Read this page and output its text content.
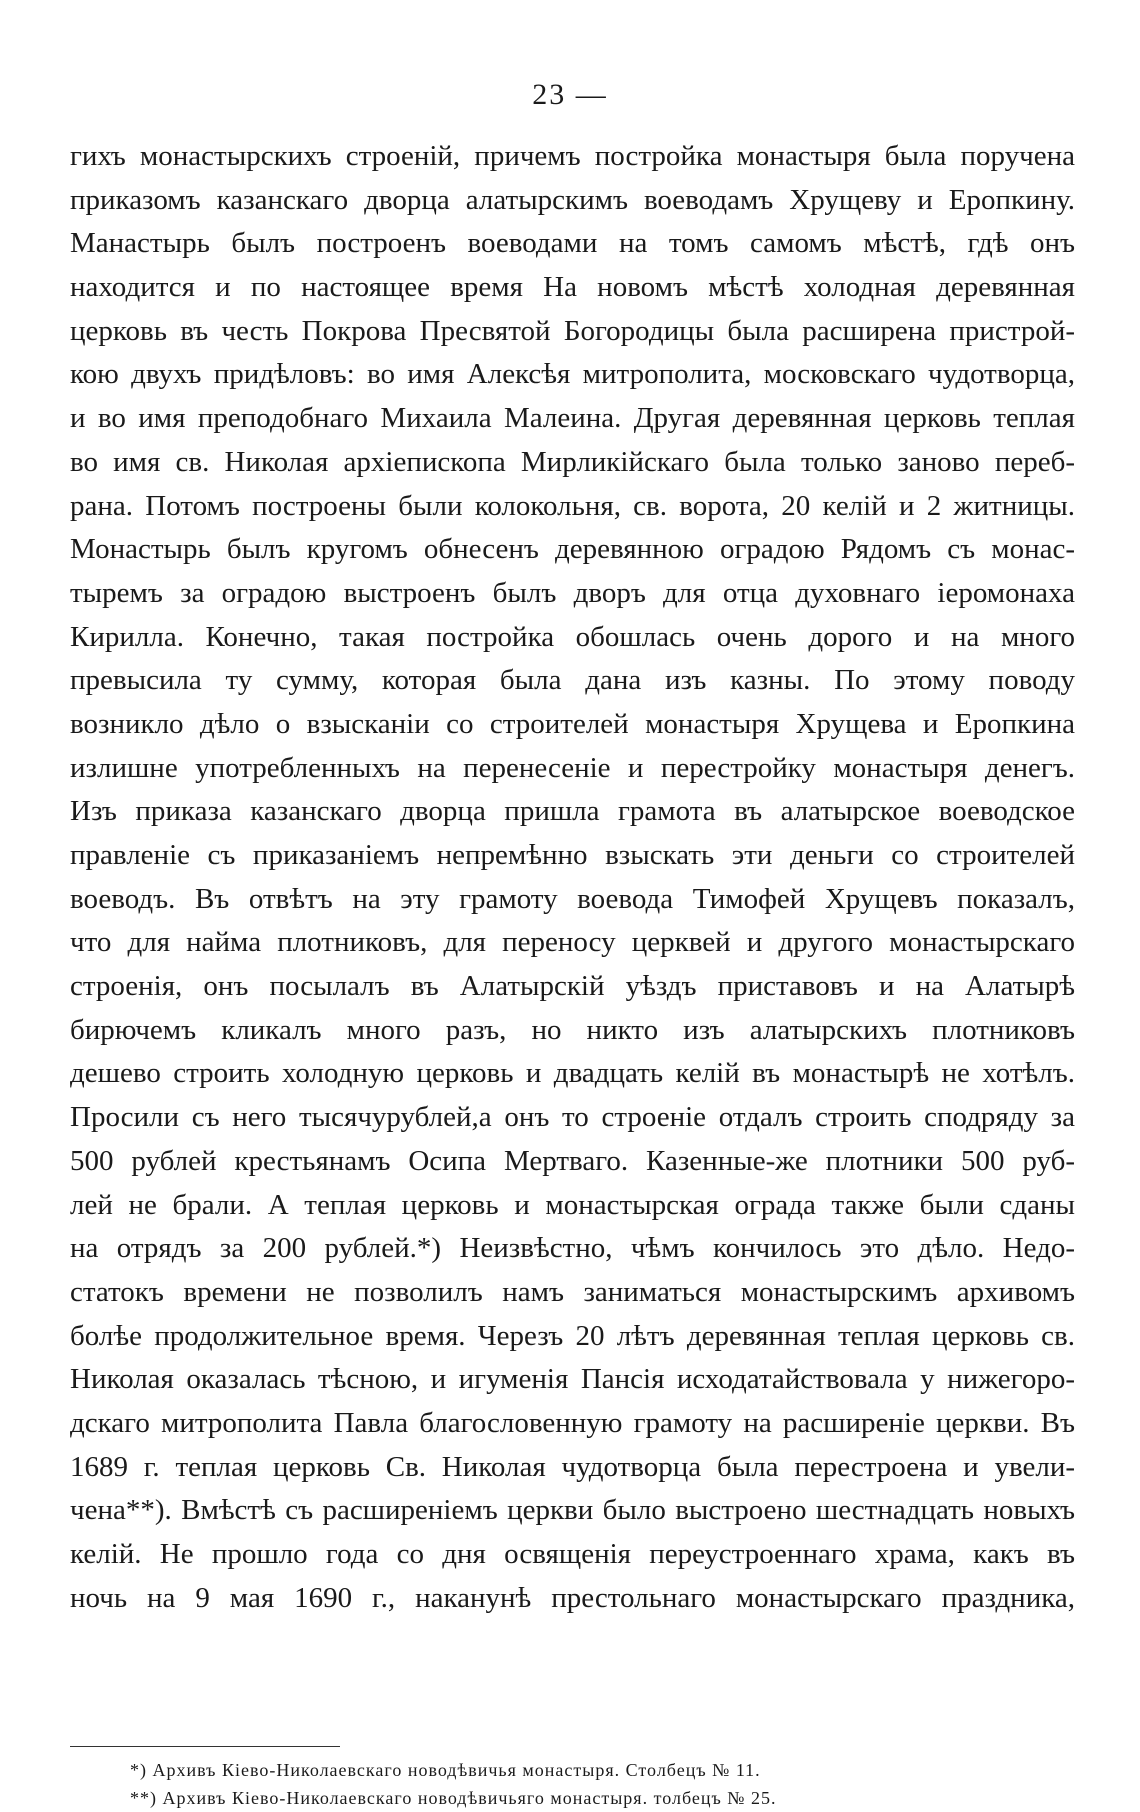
23 —
гихъ монастырскихъ строеній, причемъ постройка монастыря была поручена
приказомъ казанскаго дворца алатырскимъ воеводамъ Хрущеву и Еропкину.
Манастырь былъ построенъ воеводами на томъ самомъ мѣстѣ, гдѣ онъ
находится и по настоящее время На новомъ мѣстѣ холодная деревянная
церковь въ честь Покрова Пресвятой Богородицы была расширена пристрой-
кою двухъ придѣловъ: во имя Алексѣя митрополита, московскаго чудотворца,
и во имя преподобнаго Михаила Малеина. Другая деревянная церковь теплая
во имя св. Николая архіепископа Мирликійскаго была только заново переб-
рана. Потомъ построены были колокольня, св. ворота, 20 келій и 2 житницы.
Монастырь былъ кругомъ обнесенъ деревянною оградою Рядомъ съ монас-
тыремъ за оградою выстроенъ былъ дворъ для отца духовнаго іеромонаха
Кирилла. Конечно, такая постройка обошлась очень дорого и на много
превысила ту сумму, которая была дана изъ казны. По этому поводу
возникло дѣло о взысканіи со строителей монастыря Хрущева и Еропкина
излишне употребленныхъ на перенесеніе и перестройку монастыря денегъ.
Изъ приказа казанскаго дворца пришла грамота въ алатырское воеводское
правленіе съ приказаніемъ непремѣнно взыскать эти деньги со строителей
воеводъ. Въ отвѣтъ на эту грамоту воевода Тимофей Хрущевъ показалъ,
что для найма плотниковъ, для переносу церквей и другого монастырскаго
строенія, онъ посылалъ въ Алатырскій уѣздъ приставовъ и на Алатырѣ
бирючемъ кликалъ много разъ, но никто изъ алатырскихъ плотниковъ
дешево строить холодную церковь и двадцать келій въ монастырѣ не хотѣлъ.
Просили съ него тысячурублей,а онъ то строеніе отдалъ строить сподряду за
500 рублей крестьянамъ Осипа Мертваго. Казенные-же плотники 500 руб-
лей не брали. А теплая церковь и монастырская ограда также были сданы
на отрядъ за 200 рублей.*) Неизвѣстно, чѣмъ кончилось это дѣло. Недо-
статокъ времени не позволилъ намъ заниматься монастырскимъ архивомъ
болѣе продолжительное время. Черезъ 20 лѣтъ деревянная теплая церковь св.
Николая оказалась тѣсною, и игуменія Пансія исходатайствовала у нижегоро-
дскаго митрополита Павла благословенную грамоту на расширеніе церкви. Въ
1689 г. теплая церковь Св. Николая чудотворца была перестроена и увели-
чена**). Вмѣстѣ съ расширеніемъ церкви было выстроено шестнадцать новыхъ
келій. Не прошло года со дня освященія переустроеннаго храма, какъ въ
ночь на 9 мая 1690 г., наканунѣ престольнаго монастырскаго праздника,
*) Архивъ Кіево-Николаевскаго новодѣвичья монастыря. Столбецъ № 11.
**) Архивъ Кіево-Николаевскаго новодѣвичьяго монастыря. толбецъ № 25.
